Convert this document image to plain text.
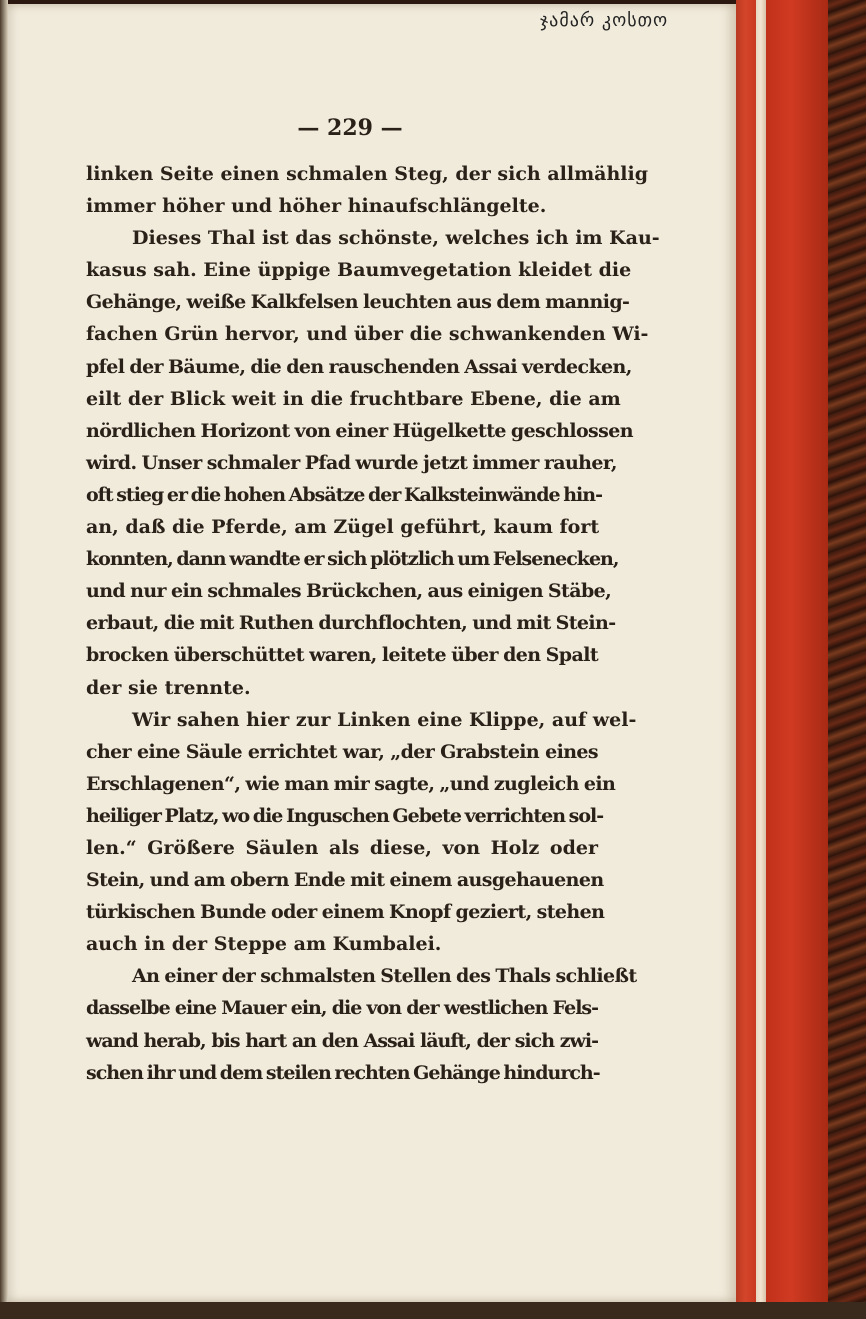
ჯამარ კოსთო
— 229 —
linken Seite einen schmalen Steg, der sich allmählig
immer höher und höher hinaufschlängelte.
Dieses Thal ist das schönste, welches ich im Kau-
kasus sah. Eine üppige Baumvegetation kleidet die
Gehänge, weiße Kalkfelsen leuchten aus dem mannig-
fachen Grün hervor, und über die schwankenden Wi-
pfel der Bäume, die den rauschenden Assai verdecken,
eilt der Blick weit in die fruchtbare Ebene, die am
nördlichen Horizont von einer Hügelkette geschlossen
wird. Unser schmaler Pfad wurde jetzt immer rauher,
oft stieg er die hohen Absätze der Kalksteinwände hin-
an, daß die Pferde, am Zügel geführt, kaum fort
konnten, dann wandte er sich plötzlich um Felsenecken,
und nur ein schmales Brückchen, aus einigen Stäbe,
erbaut, die mit Ruthen durchflochten, und mit Stein-
brocken überschüttet waren, leitete über den Spalt
der sie trennte.
Wir sahen hier zur Linken eine Klippe, auf wel-
cher eine Säule errichtet war, „der Grabstein eines
Erschlagenen“, wie man mir sagte, „und zugleich ein
heiliger Platz, wo die Inguschen Gebete verrichten sol-
len.“ Größere Säulen als diese, von Holz oder
Stein, und am obern Ende mit einem ausgehauenen
türkischen Bunde oder einem Knopf geziert, stehen
auch in der Steppe am Kumbalei.
An einer der schmalsten Stellen des Thals schließt
dasselbe eine Mauer ein, die von der westlichen Fels-
wand herab, bis hart an den Assai läuft, der sich zwi-
schen ihr und dem steilen rechten Gehänge hindurch-
